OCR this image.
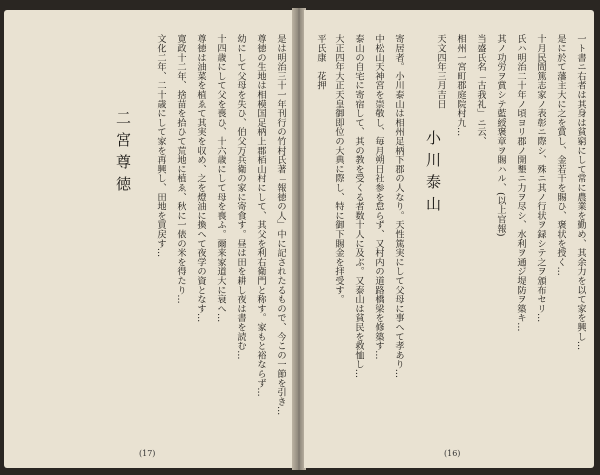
二宮尊徳	是は明治三十一年刊行の竹村氏著「報徳の人」中に記されたるもので、今この一節を引き…
尊徳の生地は相模国足柄上郡栢山村にして、其父を利右衛門と称す。家もと裕ならず…
幼にして父母を失ひ、伯父万兵衛の家に寄食す。昼は田を耕し夜は書を読む…
十四歳にして父を喪ひ、十六歳にして母を喪ふ。爾来家道大に衰へ…
尊徳は油菜を植ゑて其実を収め、之を燈油に換へて夜学の資となす…
寛政十二年、捨苗を拾ひて荒地に植ゑ、秋に一俵の米を得たり…
文化二年、二十歳にして家を再興し、田地を買戻す…
(17)
一ト書ニ右者は其身は貧窮にして常に農業を勤め、其余力を以て家を興し…
是に於て藩主大に之を賞し、金若干を賜ひ、褒状を授く…
十月民間篤志家ノ表彰ニ際シ、殊ニ其ノ行状ヲ録シテ之ヲ頒布セリ…
氏ハ明治二十年ノ頃ヨリ郡ノ開墾ニ力ヲ尽シ、水利ヲ通ジ堤防ヲ築キ…
其ノ功労ヲ賞シテ藍綬褒章ヲ賜ハル、(以上官報)
当盛氏名「古我礼」ニ云、
相州一宮町郡庭院村九…
天文四年三月吉日
小川泰山
寄居者。小川泰山は相州足柄下郡の人なり。天性篤実にして父母に事へて孝あり…
中松山天神宮を崇敬し、毎月朔日社参を怠らず、又村内の道路橋梁を修築す…
泰山の自宅に寄宿して、其の教を受くる者数十人に及ぶ。又泰山は貧民を救恤し…
大正四年大正天皇御即位の大典に際し、特に御下賜金を拝受す。
平氏康　花押
(16)
